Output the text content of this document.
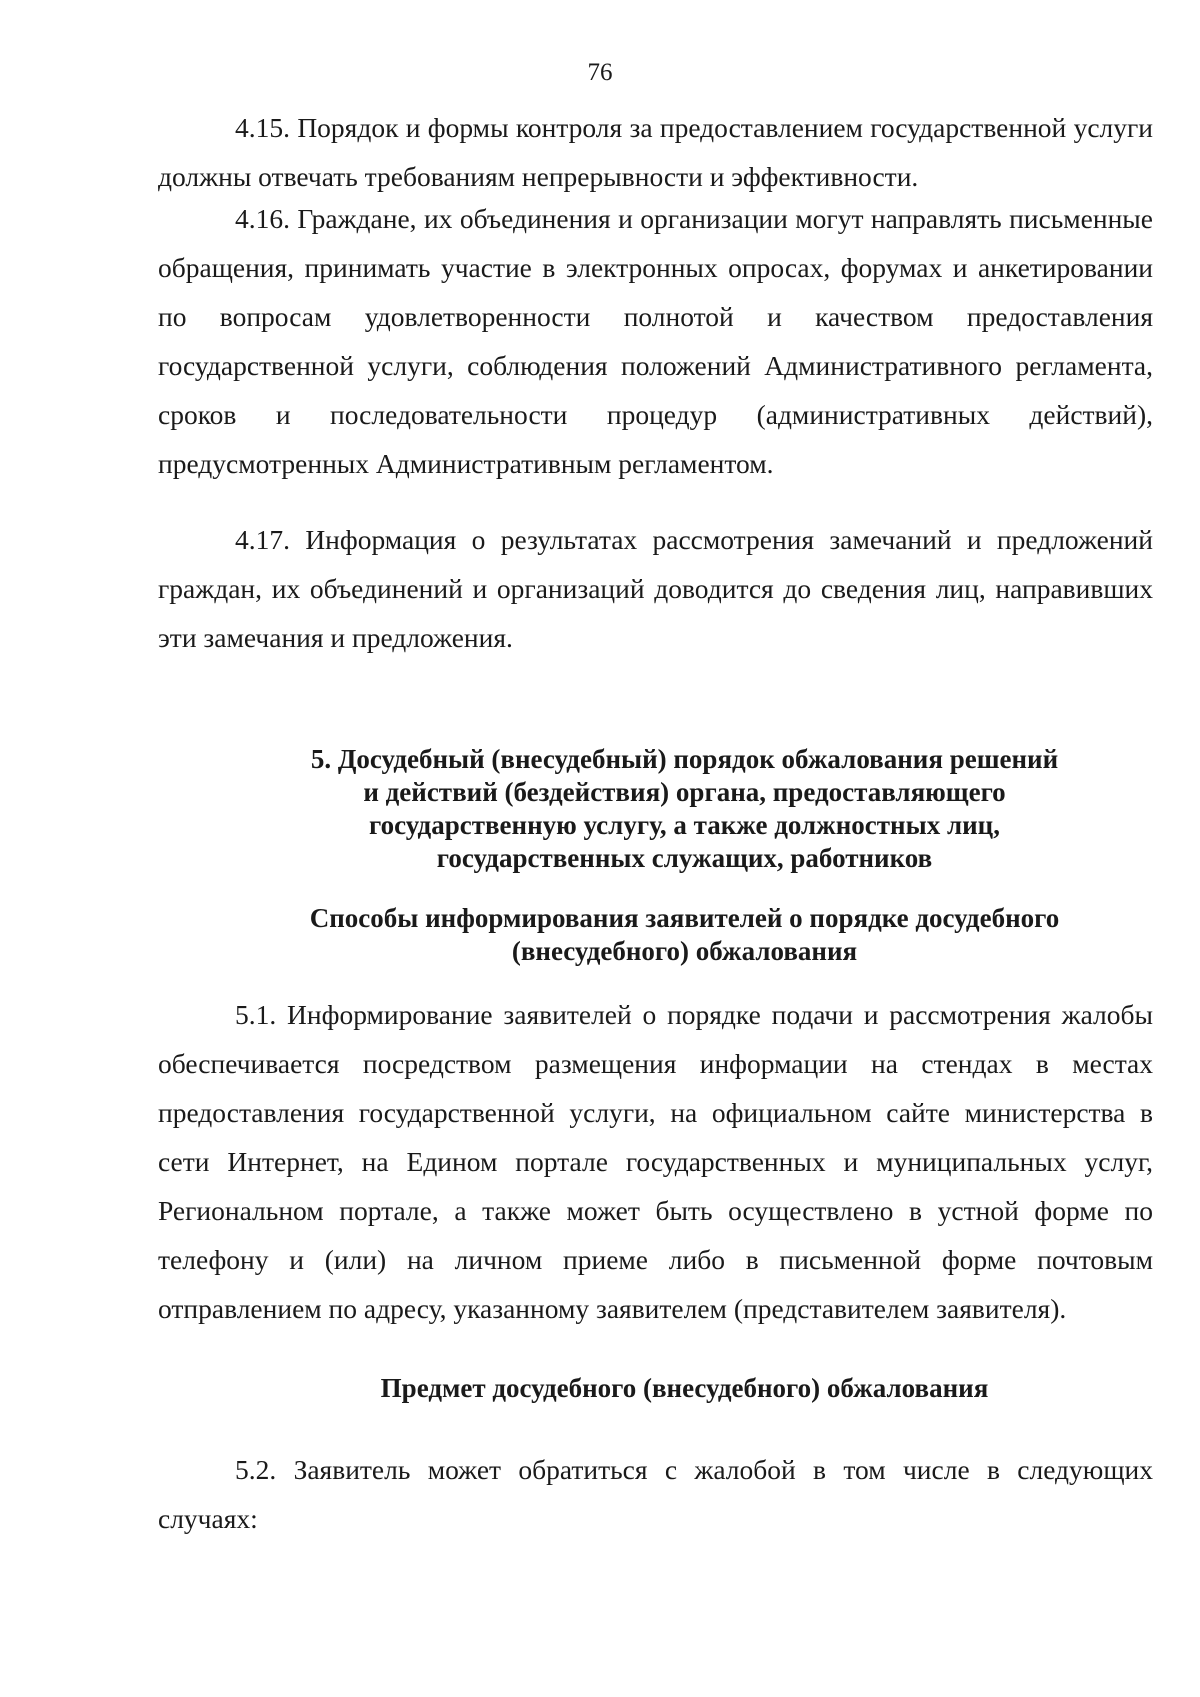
76

4.15. Порядок и формы контроля за предоставлением государственной услуги должны отвечать требованиям непрерывности и эффективности.

4.16. Граждане, их объединения и организации могут направлять письменные обращения, принимать участие в электронных опросах, форумах и анкетировании по вопросам удовлетворенности полнотой и качеством предоставления государственной услуги, соблюдения положений Административного регламента, сроков и последовательности процедур (административных действий), предусмотренных Административным регламентом.

4.17. Информация о результатах рассмотрения замечаний и предложений граждан, их объединений и организаций доводится до сведения лиц, направивших эти замечания и предложения.

5. Досудебный (внесудебный) порядок обжалования решений
и действий (бездействия) органа, предоставляющего
государственную услугу, а также должностных лиц,
государственных служащих, работников
Способы информирования заявителей о порядке досудебного
(внесудебного) обжалования

5.1. Информирование заявителей о порядке подачи и рассмотрения жалобы обеспечивается посредством размещения информации на стендах в местах предоставления государственной услуги, на официальном сайте министерства в сети Интернет, на Едином портале государственных и муниципальных услуг, Региональном портале, а также может быть осуществлено в устной форме по телефону и (или) на личном приеме либо в письменной форме почтовым отправлением по адресу, указанному заявителем (представителем заявителя).

Предмет досудебного (внесудебного) обжалования

5.2. Заявитель может обратиться с жалобой в том числе в следующих случаях:
